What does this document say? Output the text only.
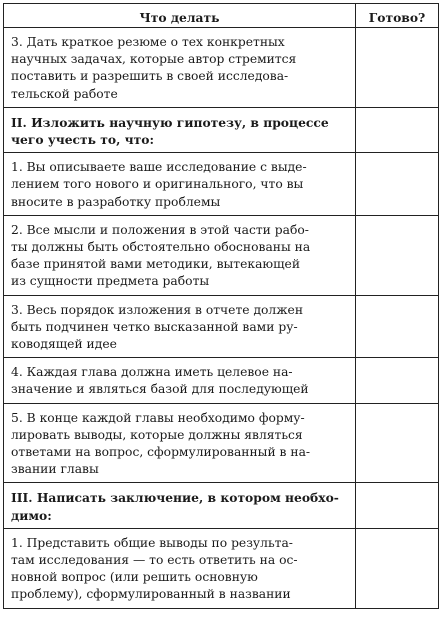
Что делать	Готово?

3. Дать краткое резюме о тех конкретных
научных задачах, которые автор стремится
поставить и разрешить в своей исследова-
тельской работе	

II. Изложить научную гипотезу, в процессе
чего учесть то, что:	

1. Вы описываете ваше исследование с выде-
лением того нового и оригинального, что вы
вносите в разработку проблемы	

2. Все мысли и положения в этой части рабо-
ты должны быть обстоятельно обоснованы на
базе принятой вами методики, вытекающей
из сущности предмета работы	

3. Весь порядок изложения в отчете должен
быть подчинен четко высказанной вами ру-
ководящей идее	

4. Каждая глава должна иметь целевое на-
значение и являться базой для последующей	

5. В конце каждой главы необходимо форму-
лировать выводы, которые должны являться
ответами на вопрос, сформулированный в на-
звании главы	

III. Написать заключение, в котором необхо-
димо:	

1. Представить общие выводы по результа-
там исследования — то есть ответить на ос-
новной вопрос (или решить основную
проблему), сформулированный в названии	
